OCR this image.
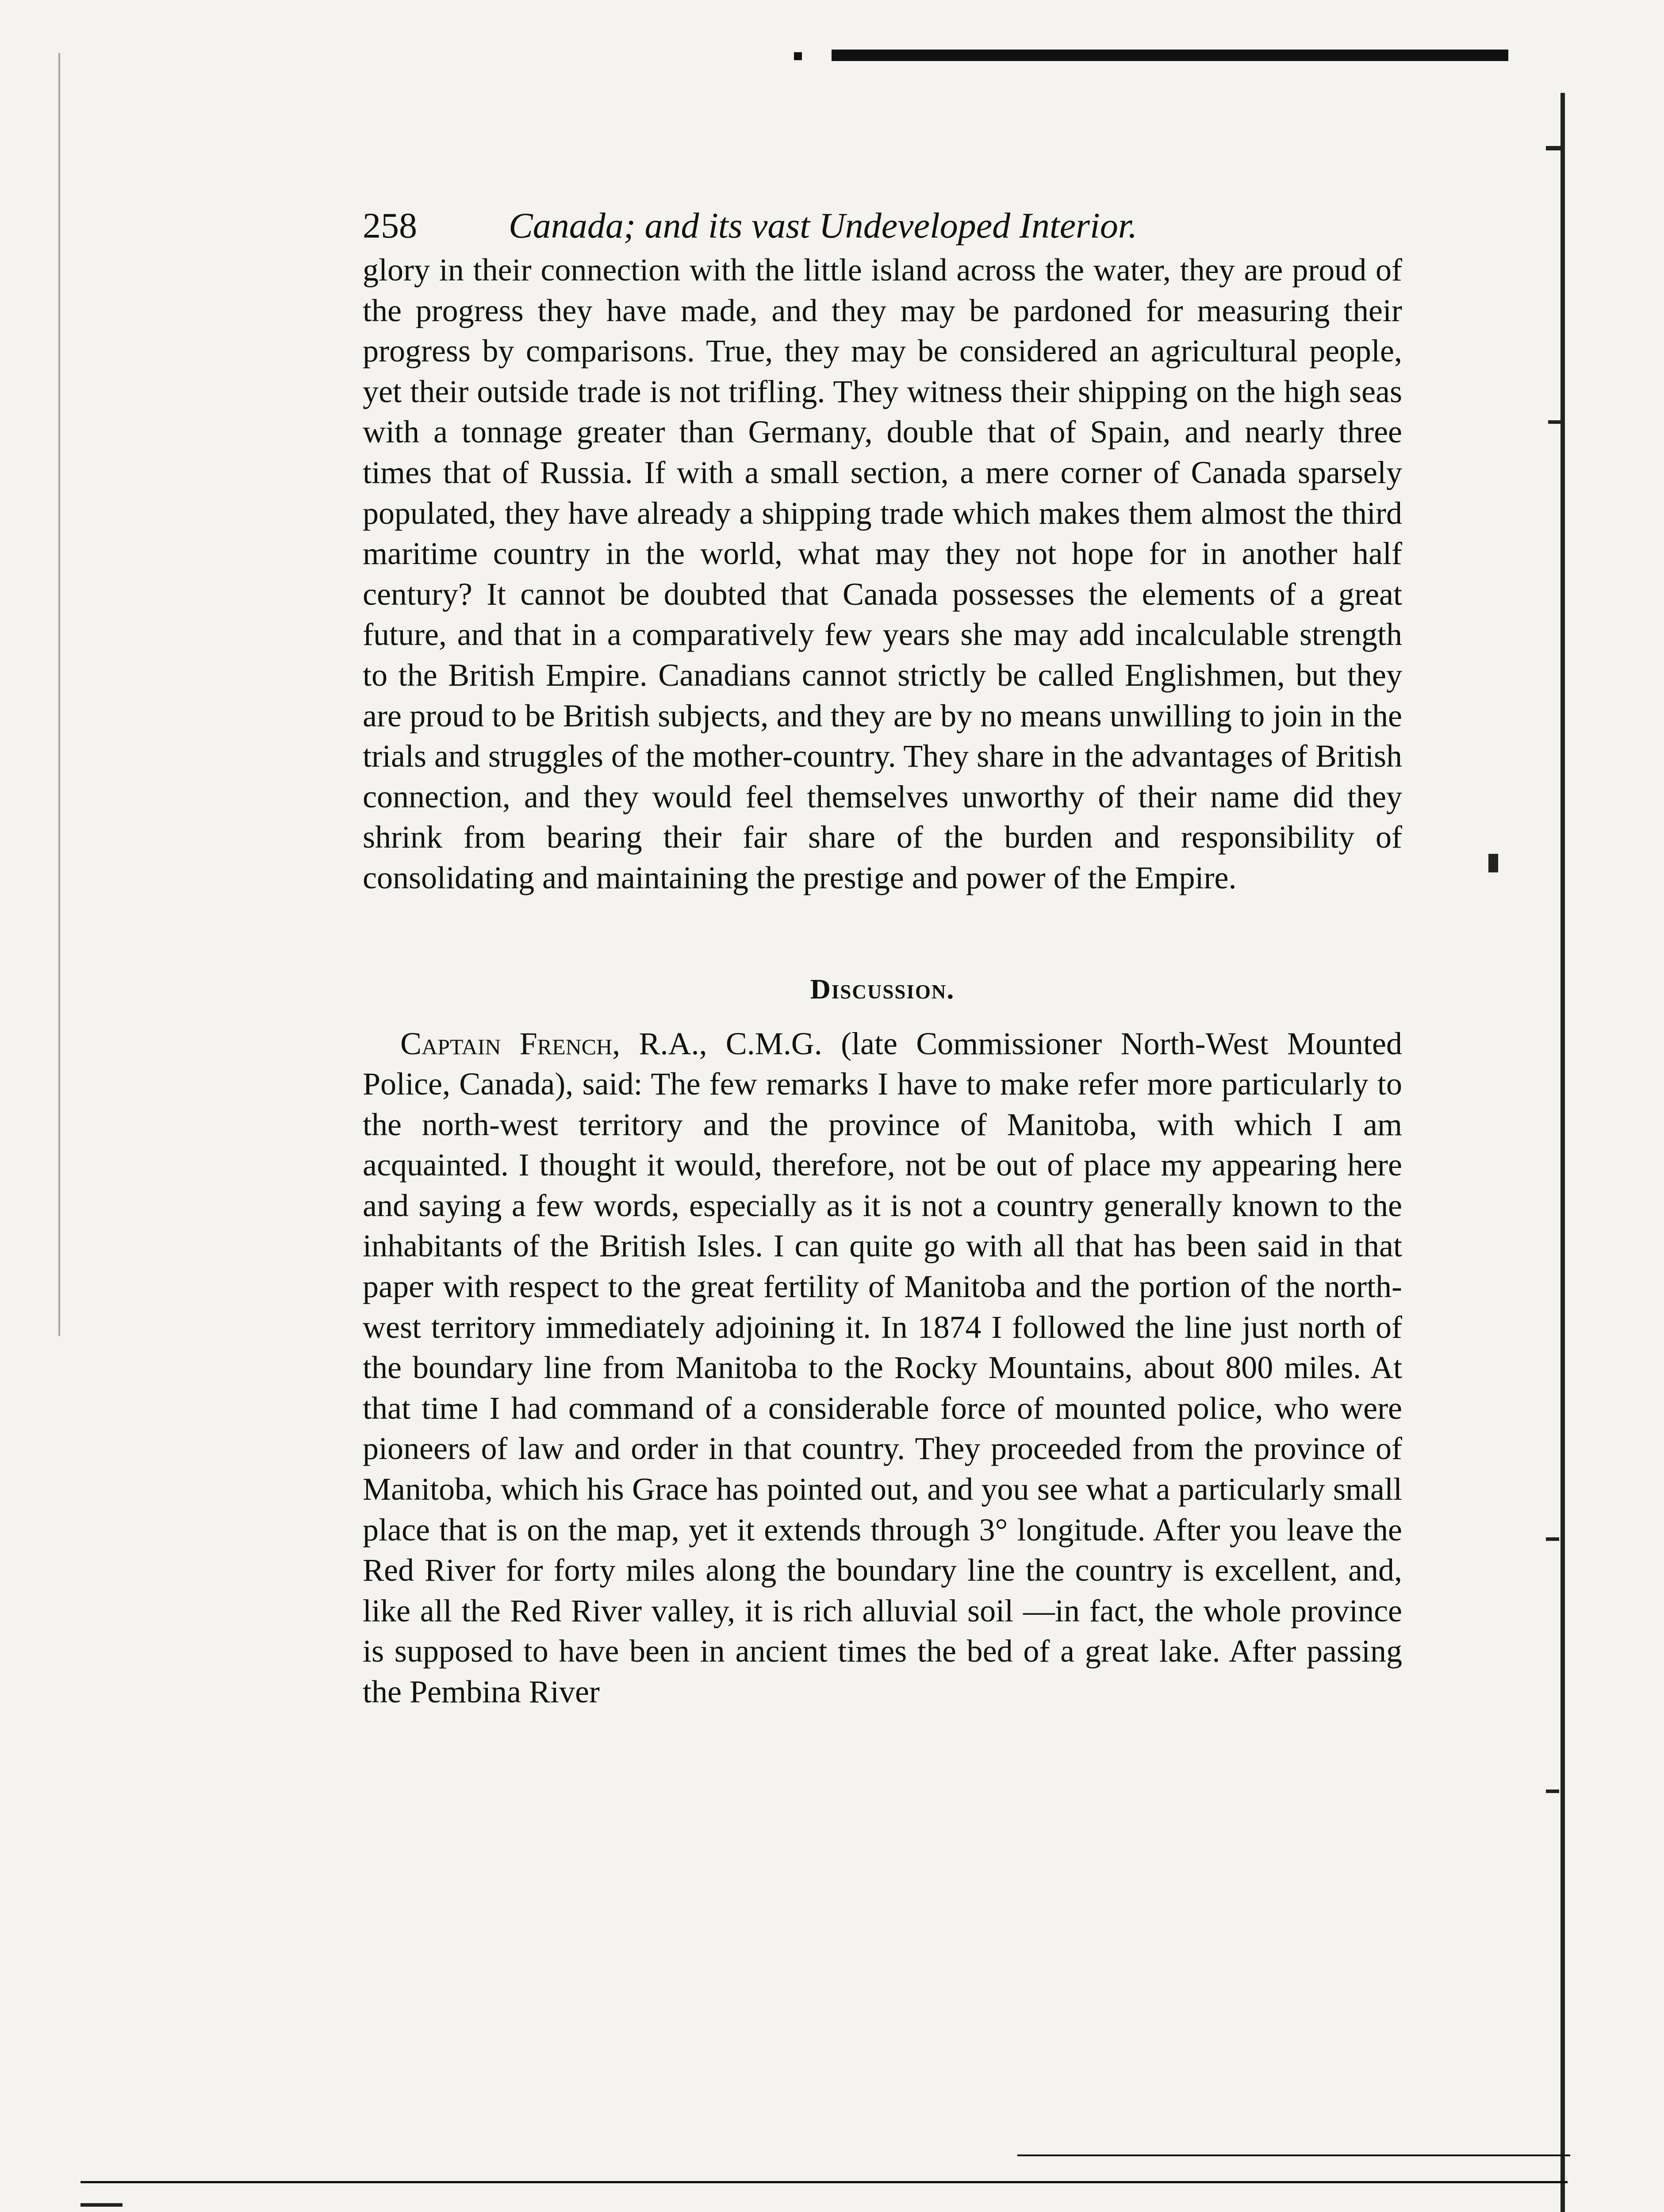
258	Canada; and its vast Undeveloped Interior.

glory in their connection with the little island across the water, they are proud of the progress they have made, and they may be pardoned for measuring their progress by comparisons. True, they may be considered an agricultural people, yet their outside trade is not trifling. They witness their shipping on the high seas with a tonnage greater than Germany, double that of Spain, and nearly three times that of Russia. If with a small section, a mere corner of Canada sparsely populated, they have already a shipping trade which makes them almost the third maritime country in the world, what may they not hope for in another half century? It cannot be doubted that Canada possesses the elements of a great future, and that in a comparatively few years she may add incalculable strength to the British Empire. Canadians cannot strictly be called Englishmen, but they are proud to be British subjects, and they are by no means unwilling to join in the trials and struggles of the mother-country. They share in the advantages of British connection, and they would feel themselves unworthy of their name did they shrink from bearing their fair share of the burden and responsibility of consolidating and maintaining the prestige and power of the Empire.

Discussion.

Captain French, R.A., C.M.G. (late Commissioner North-West Mounted Police, Canada), said: The few remarks I have to make refer more particularly to the north-west territory and the province of Manitoba, with which I am acquainted. I thought it would, therefore, not be out of place my appearing here and saying a few words, especially as it is not a country generally known to the inhabitants of the British Isles. I can quite go with all that has been said in that paper with respect to the great fertility of Manitoba and the portion of the north-west territory immediately adjoining it. In 1874 I followed the line just north of the boundary line from Manitoba to the Rocky Mountains, about 800 miles. At that time I had command of a considerable force of mounted police, who were pioneers of law and order in that country. They proceeded from the province of Manitoba, which his Grace has pointed out, and you see what a particularly small place that is on the map, yet it extends through 3° longitude. After you leave the Red River for forty miles along the boundary line the country is excellent, and, like all the Red River valley, it is rich alluvial soil —in fact, the whole province is supposed to have been in ancient times the bed of a great lake. After passing the Pembina River
